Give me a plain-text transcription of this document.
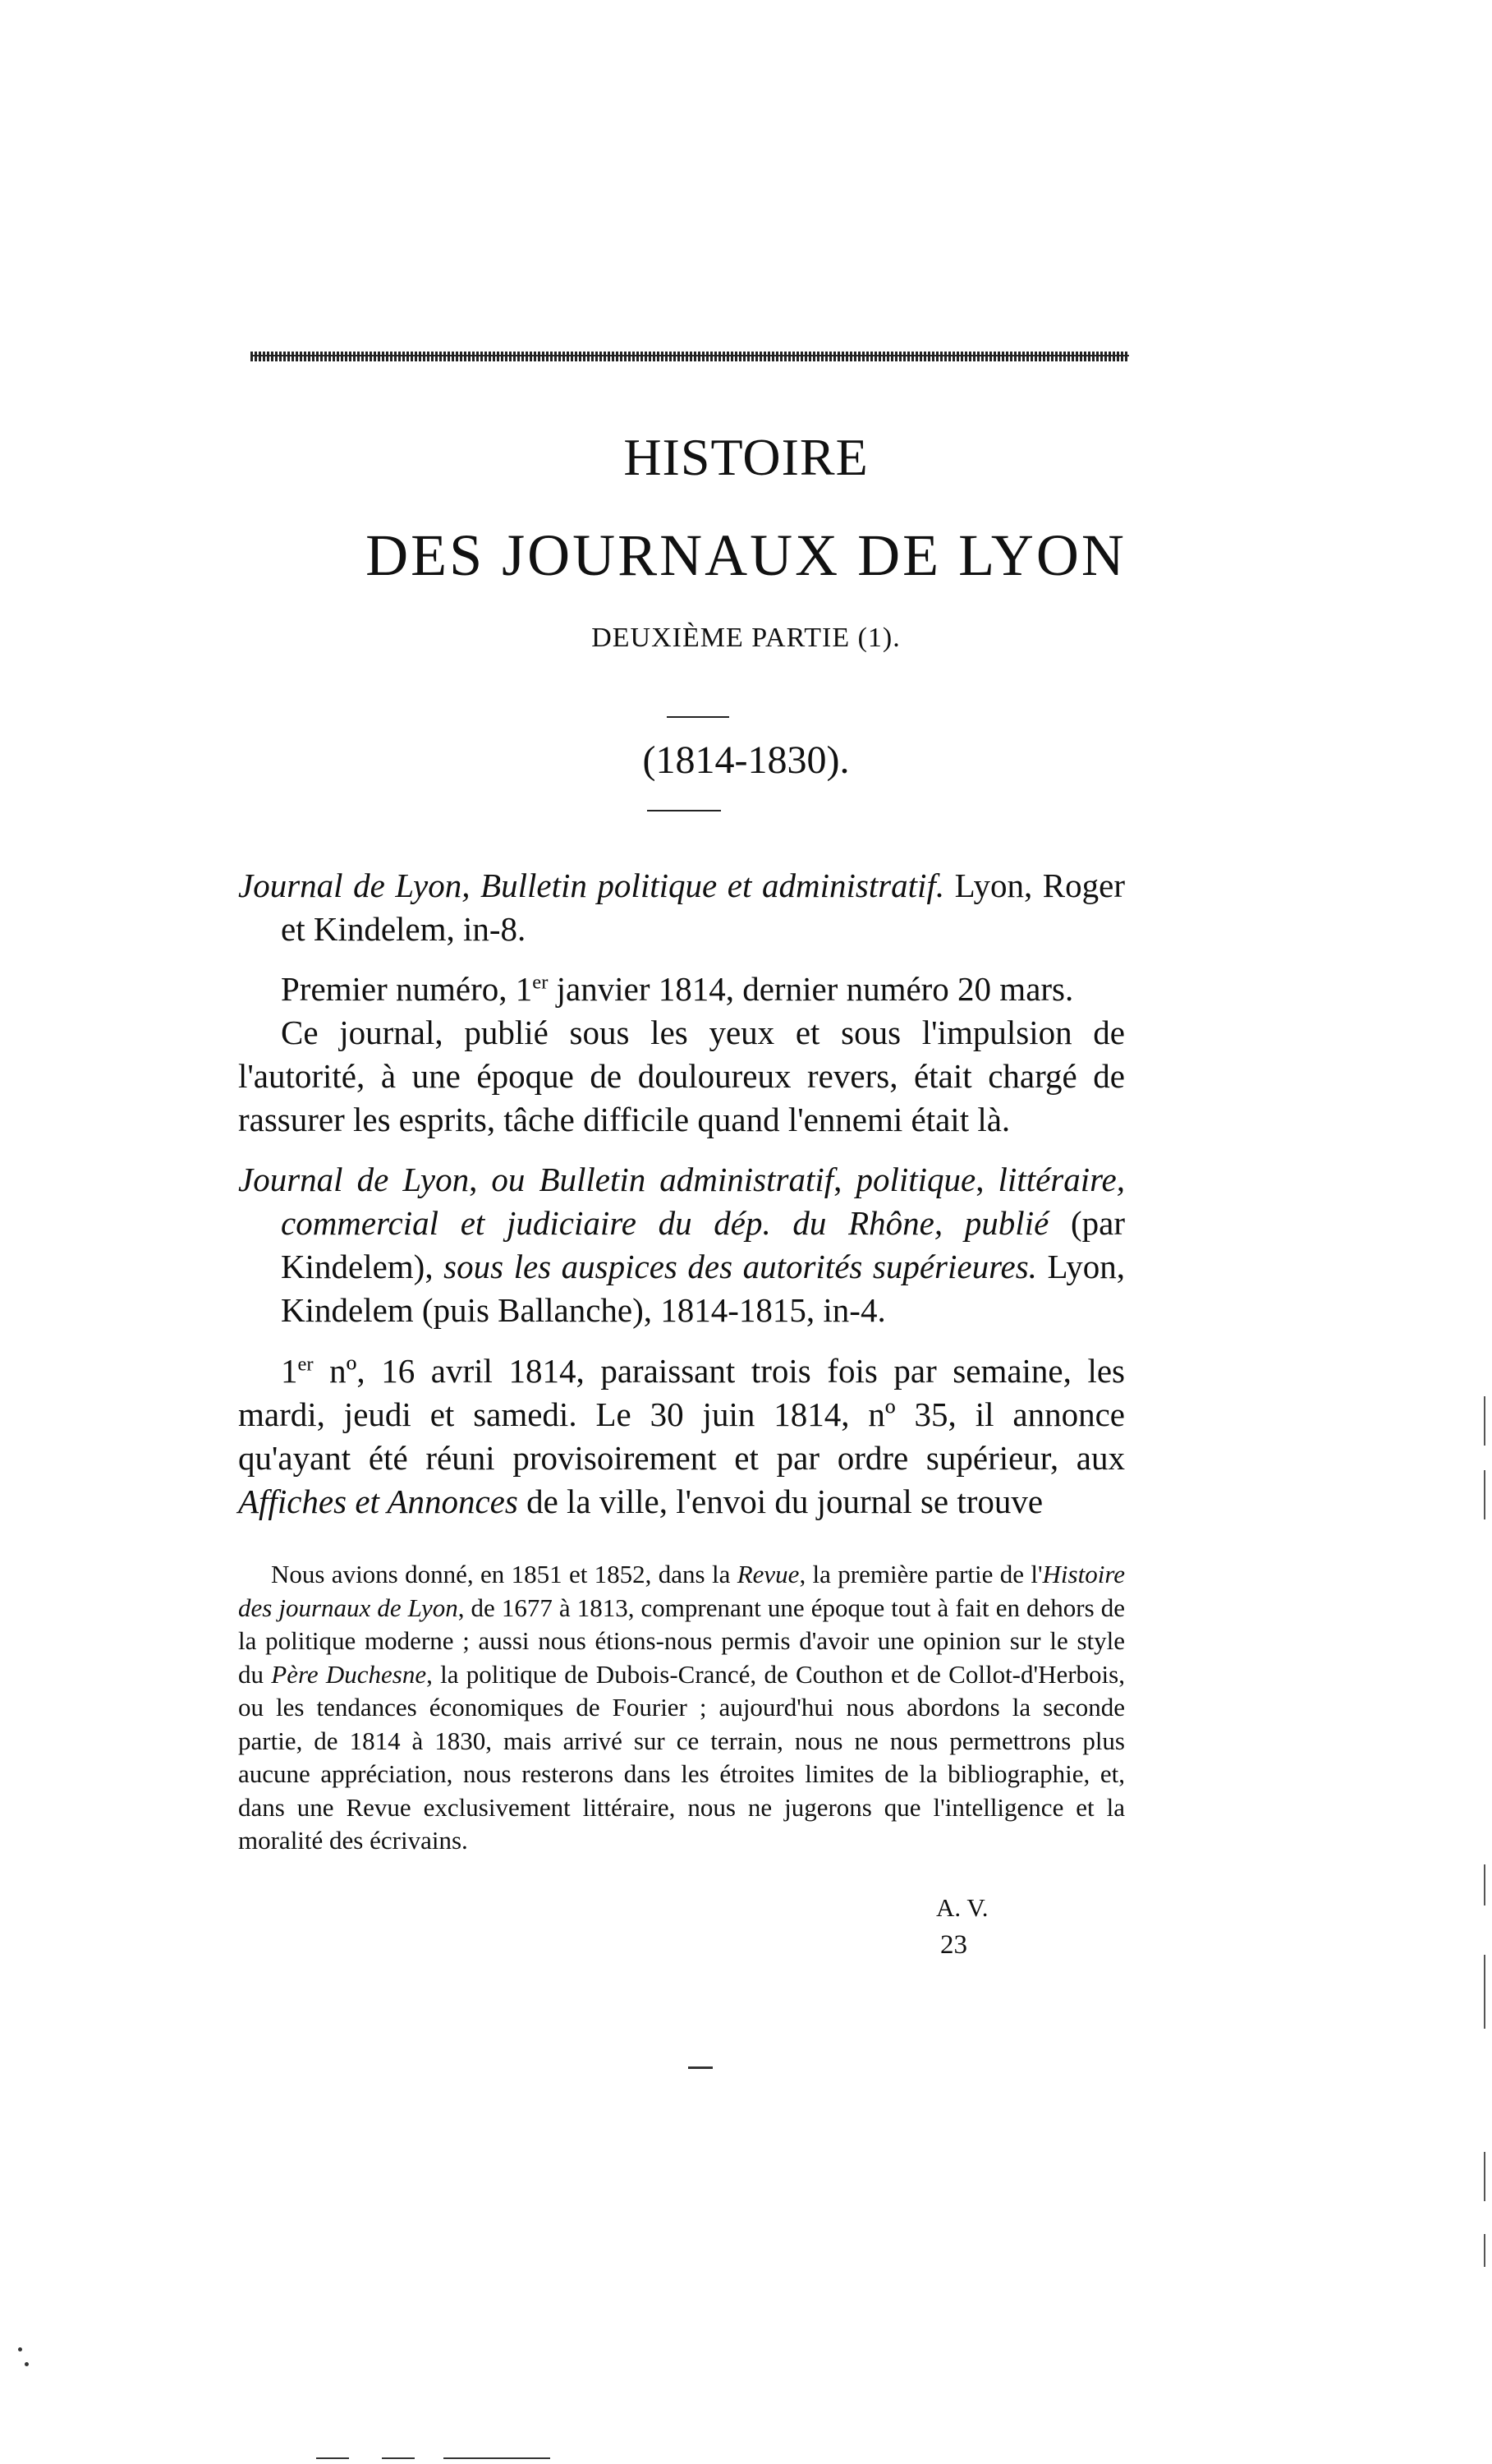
HISTOIRE
DES JOURNAUX DE LYON
DEUXIÈME PARTIE (1).
(1814-1830).

Journal de Lyon, Bulletin politique et administratif. Lyon, Roger et Kindelem, in-8.

Premier numéro, 1er janvier 1814, dernier numéro 20 mars.

Ce journal, publié sous les yeux et sous l'impulsion de l'autorité, à une époque de douloureux revers, était chargé de rassurer les esprits, tâche difficile quand l'ennemi était là.

Journal de Lyon, ou Bulletin administratif, politique, littéraire, commercial et judiciaire du dép. du Rhône, publié (par Kindelem), sous les auspices des autorités supérieures. Lyon, Kindelem (puis Ballanche), 1814-1815, in-4.

1er nº, 16 avril 1814, paraissant trois fois par semaine, les mardi, jeudi et samedi. Le 30 juin 1814, nº 35, il annonce qu'ayant été réuni provisoirement et par ordre supérieur, aux Affiches et Annonces de la ville, l'envoi du journal se trouve

Nous avions donné, en 1851 et 1852, dans la Revue, la première partie de l'Histoire des journaux de Lyon, de 1677 à 1813, comprenant une époque tout à fait en dehors de la politique moderne ; aussi nous étions-nous permis d'avoir une opinion sur le style du Père Duchesne, la politique de Dubois-Crancé, de Couthon et de Collot-d'Herbois, ou les tendances économiques de Fourier ; aujourd'hui nous abordons la seconde partie, de 1814 à 1830, mais arrivé sur ce terrain, nous ne nous permettrons plus aucune appréciation, nous resterons dans les étroites limites de la bibliographie, et, dans une Revue exclusivement littéraire, nous ne jugerons que l'intelligence et la moralité des écrivains.

A. V.
23
